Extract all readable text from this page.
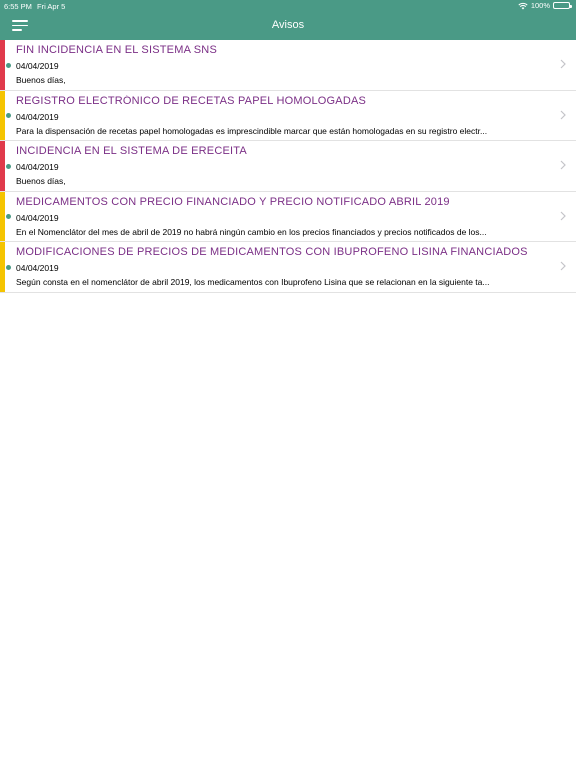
6:55 PM Fri Apr 5	100%
Avisos
FIN INCIDENCIA EN EL SISTEMA SNS
04/04/2019
Buenos días,
REGISTRO ELECTRÓNICO DE RECETAS PAPEL HOMOLOGADAS
04/04/2019
Para la dispensación de recetas papel homologadas es imprescindible marcar que están homologadas en su registro electr...
INCIDENCIA EN EL SISTEMA DE ERECEITA
04/04/2019
Buenos días,
MEDICAMENTOS CON PRECIO FINANCIADO Y PRECIO NOTIFICADO ABRIL 2019
04/04/2019
En el Nomenclátor del mes de abril de 2019 no habrá ningún cambio en los precios financiados y precios notificados de los...
MODIFICACIONES DE PRECIOS DE MEDICAMENTOS CON IBUPROFENO LISINA FINANCIADOS
04/04/2019
Según consta en el nomenclátor de abril 2019, los medicamentos con Ibuprofeno Lisina que se relacionan en la siguiente ta...
